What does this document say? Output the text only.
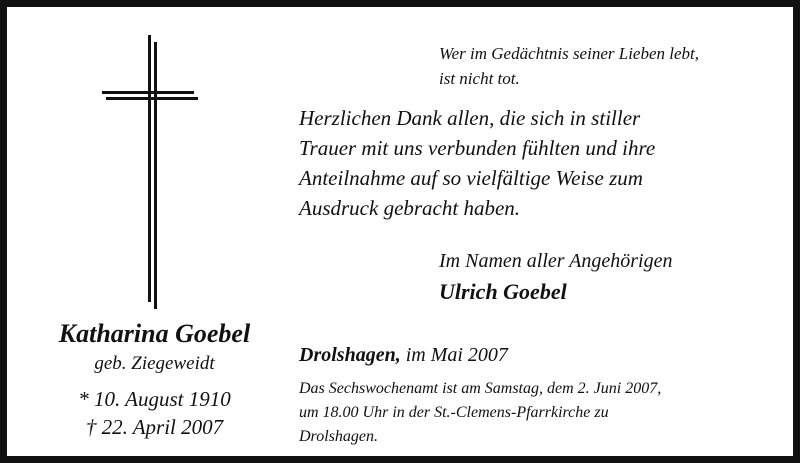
Wer im Gedächtnis seiner Lieben lebt,
ist nicht tot.
Herzlichen Dank allen, die sich in stiller
Trauer mit uns verbunden fühlten und ihre
Anteilnahme auf so vielfältige Weise zum
Ausdruck gebracht haben.
Im Namen aller Angehörigen
Ulrich Goebel
Katharina Goebel
geb. Ziegeweidt
* 10. August 1910
† 22. April 2007
Drolshagen, im Mai 2007
Das Sechswochenamt ist am Samstag, dem 2. Juni 2007,
um 18.00 Uhr in der St.-Clemens-Pfarrkirche zu
Drolshagen.
